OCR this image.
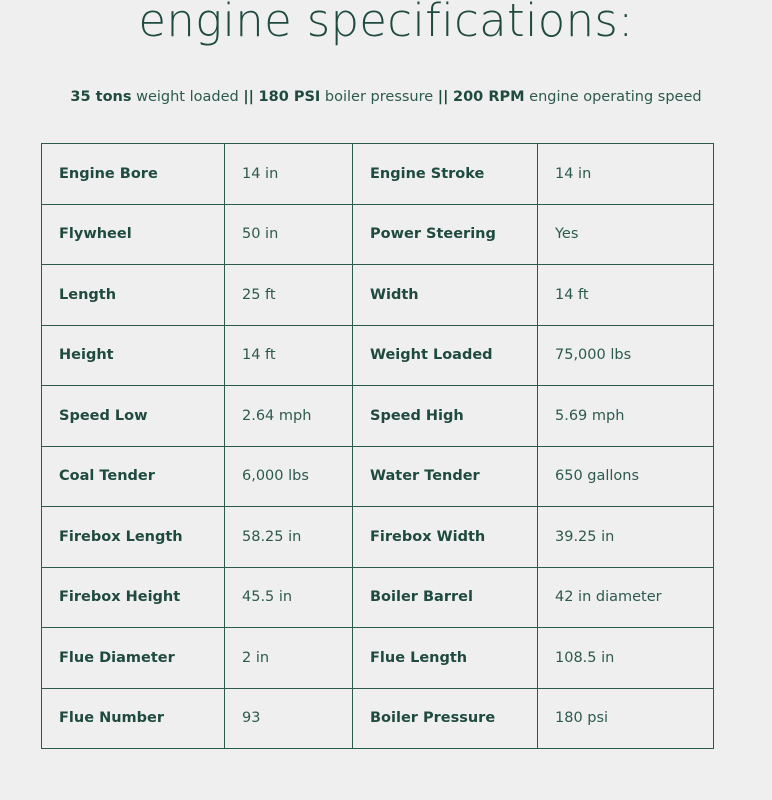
engine specifications:
35 tons weight loaded || 180 PSI boiler pressure || 200 RPM engine operating speed
Engine Bore	14 in	Engine Stroke	14 in
Flywheel	50 in	Power Steering	Yes
Length	25 ft	Width	14 ft
Height	14 ft	Weight Loaded	75,000 lbs
Speed Low	2.64 mph	Speed High	5.69 mph
Coal Tender	6,000 lbs	Water Tender	650 gallons
Firebox Length	58.25 in	Firebox Width	39.25 in
Firebox Height	45.5 in	Boiler Barrel	42 in diameter
Flue Diameter	2 in	Flue Length	108.5 in
Flue Number	93	Boiler Pressure	180 psi
